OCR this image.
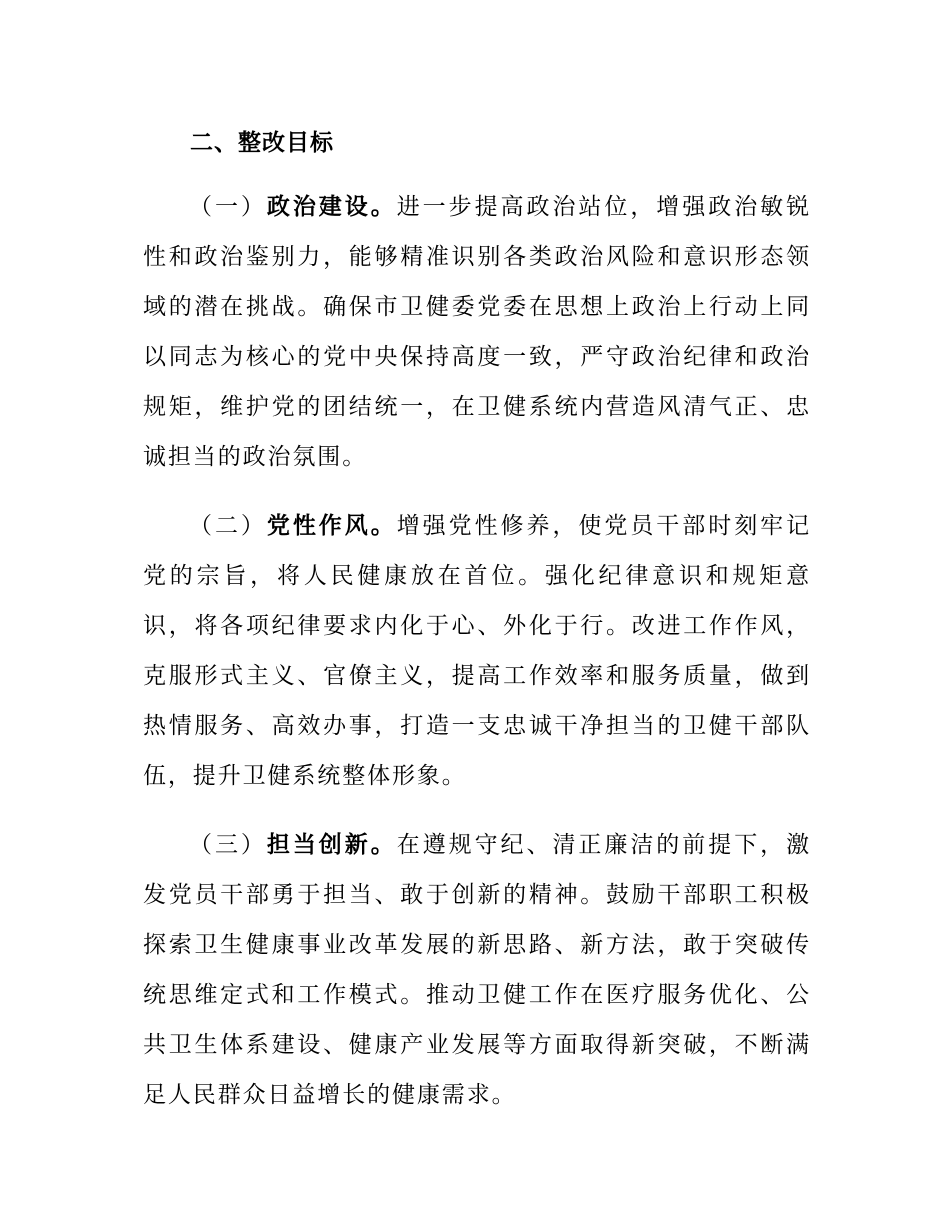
二、整改目标

（一）政治建设。进一步提高政治站位，增强政治敏锐性和政治鉴别力，能够精准识别各类政治风险和意识形态领域的潜在挑战。确保市卫健委党委在思想上政治上行动上同以同志为核心的党中央保持高度一致，严守政治纪律和政治规矩，维护党的团结统一，在卫健系统内营造风清气正、忠诚担当的政治氛围。

（二）党性作风。增强党性修养，使党员干部时刻牢记党的宗旨，将人民健康放在首位。强化纪律意识和规矩意识，将各项纪律要求内化于心、外化于行。改进工作作风，克服形式主义、官僚主义，提高工作效率和服务质量，做到热情服务、高效办事，打造一支忠诚干净担当的卫健干部队伍，提升卫健系统整体形象。

（三）担当创新。在遵规守纪、清正廉洁的前提下，激发党员干部勇于担当、敢于创新的精神。鼓励干部职工积极探索卫生健康事业改革发展的新思路、新方法，敢于突破传统思维定式和工作模式。推动卫健工作在医疗服务优化、公共卫生体系建设、健康产业发展等方面取得新突破，不断满足人民群众日益增长的健康需求。
